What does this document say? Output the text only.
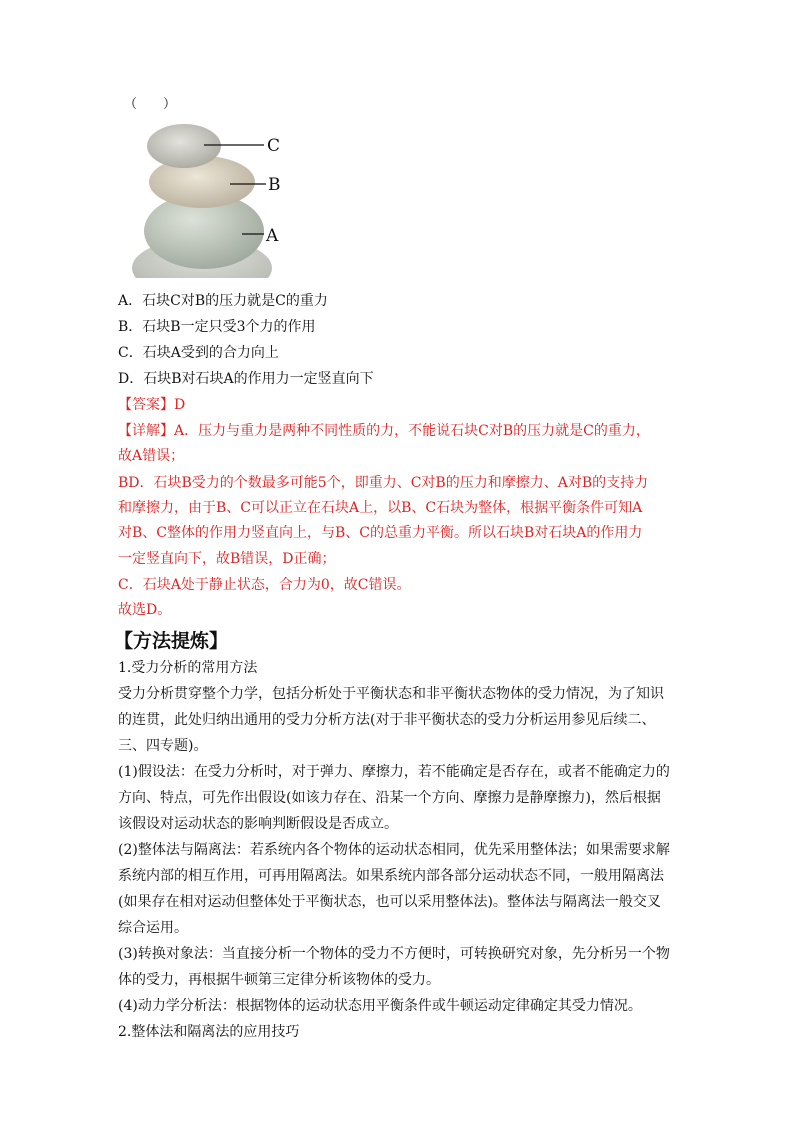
（　　）
C
B
A
A．石块C对B的压力就是C的重力
B．石块B一定只受3个力的作用
C．石块A受到的合力向上
D．石块B对石块A的作用力一定竖直向下
【答案】D
【详解】A．压力与重力是两种不同性质的力，不能说石块C对B的压力就是C的重力，
故A错误；
BD．石块B受力的个数最多可能5个，即重力、C对B的压力和摩擦力、A对B的支持力
和摩擦力，由于B、C可以正立在石块A上，以B、C石块为整体，根据平衡条件可知A
对B、C整体的作用力竖直向上，与B、C的总重力平衡。所以石块B对石块A的作用力
一定竖直向下，故B错误，D正确；
C．石块A处于静止状态，合力为0，故C错误。
故选D。
【方法提炼】
1.受力分析的常用方法
受力分析贯穿整个力学，包括分析处于平衡状态和非平衡状态物体的受力情况，为了知识
的连贯，此处归纳出通用的受力分析方法(对于非平衡状态的受力分析运用参见后续二、
三、四专题)。
(1)假设法：在受力分析时，对于弹力、摩擦力，若不能确定是否存在，或者不能确定力的
方向、特点，可先作出假设(如该力存在、沿某一个方向、摩擦力是静摩擦力)，然后根据
该假设对运动状态的影响判断假设是否成立。
(2)整体法与隔离法：若系统内各个物体的运动状态相同，优先采用整体法；如果需要求解
系统内部的相互作用，可再用隔离法。如果系统内部各部分运动状态不同，一般用隔离法
(如果存在相对运动但整体处于平衡状态，也可以采用整体法)。整体法与隔离法一般交叉
综合运用。
(3)转换对象法：当直接分析一个物体的受力不方便时，可转换研究对象，先分析另一个物
体的受力，再根据牛顿第三定律分析该物体的受力。
(4)动力学分析法：根据物体的运动状态用平衡条件或牛顿运动定律确定其受力情况。
2.整体法和隔离法的应用技巧
